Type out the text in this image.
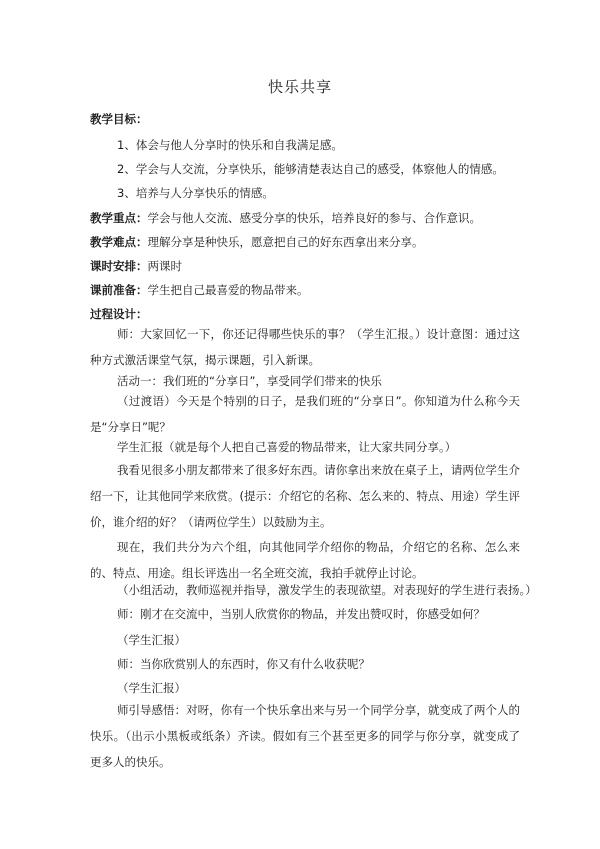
快乐共享
教学目标：
1、体会与他人分享时的快乐和自我满足感。
2、学会与人交流，分享快乐，能够清楚表达自己的感受，体察他人的情感。
3、培养与人分享快乐的情感。
教学重点：学会与他人交流、感受分享的快乐，培养良好的参与、合作意识。
教学难点：理解分享是种快乐，愿意把自己的好东西拿出来分享。
课时安排：两课时
课前准备：学生把自己最喜爱的物品带来。
过程设计：
师：大家回忆一下，你还记得哪些快乐的事？（学生汇报。）设计意图：通过这种方式激活课堂气氛，揭示课题，引入新课。
活动一：我们班的“分享日”，享受同学们带来的快乐
（过渡语）今天是个特别的日子，是我们班的“分享日”。你知道为什么称今天是“分享日”呢？
学生汇报（就是每个人把自己喜爱的物品带来，让大家共同分享。）
我看见很多小朋友都带来了很多好东西。请你拿出来放在桌子上，请两位学生介绍一下，让其他同学来欣赏。(提示：介绍它的名称、怎么来的、特点、用途）学生评价，谁介绍的好？（请两位学生）以鼓励为主。
现在，我们共分为六个组，向其他同学介绍你的物品，介绍它的名称、怎么来的、特点、用途。组长评选出一名全班交流，我拍手就停止讨论。
（小组活动，教师巡视并指导，激发学生的表现欲望。对表现好的学生进行表扬。）
师：刚才在交流中，当别人欣赏你的物品，并发出赞叹时，你感受如何？
（学生汇报）
师：当你欣赏别人的东西时，你又有什么收获呢？
（学生汇报）
师引导感悟：对呀，你有一个快乐拿出来与另一个同学分享，就变成了两个人的快乐。（出示小黑板或纸条）齐读。假如有三个甚至更多的同学与你分享，就变成了更多人的快乐。
